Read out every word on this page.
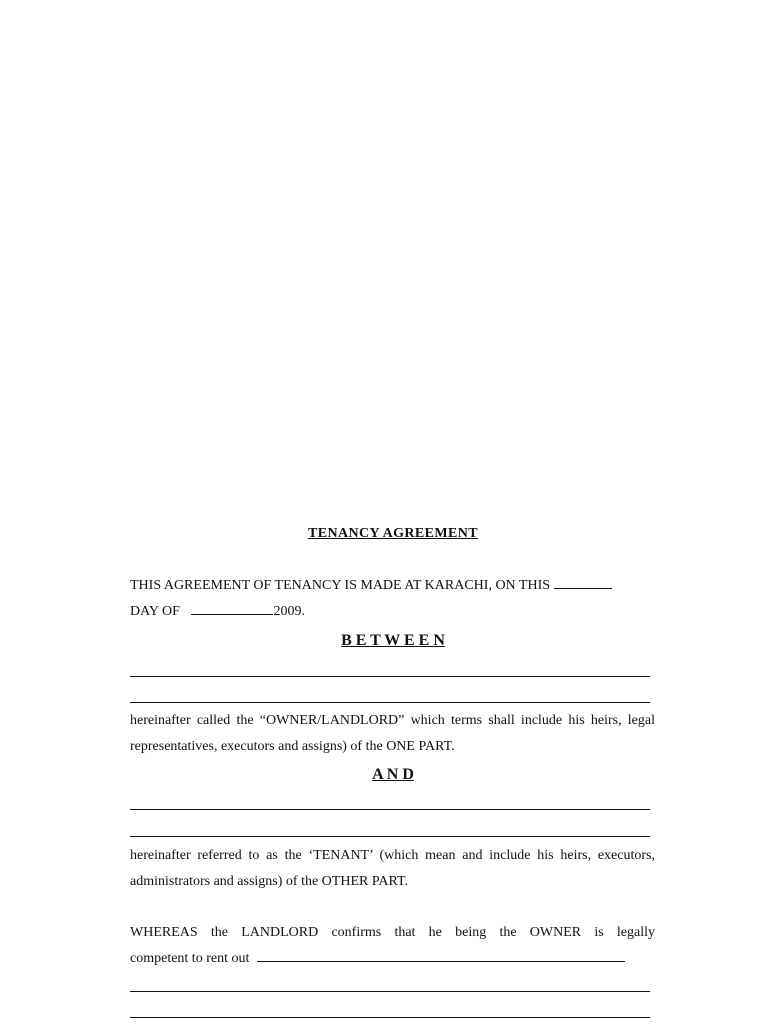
TENANCY AGREEMENT
THIS AGREEMENT OF TENANCY IS MADE AT KARACHI, ON THIS
DAY OF	2009.
B E T W E E N
hereinafter called the “OWNER/LANDLORD” which terms shall include his heirs, legal representatives, executors and assigns) of the ONE PART.
A N D
hereinafter referred to as the ‘TENANT’ (which mean and include his heirs, executors, administrators and assigns) of the OTHER PART.
WHEREAS the LANDLORD confirms that he being the OWNER is legally
competent to rent out
